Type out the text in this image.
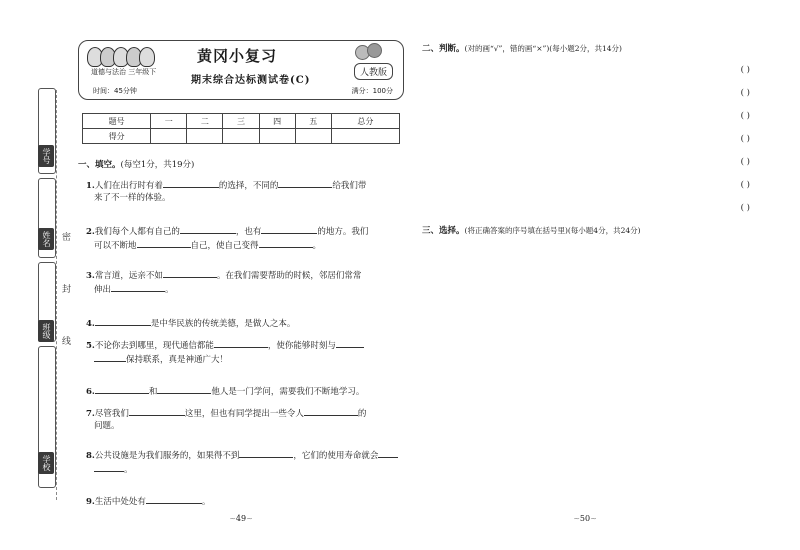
学号
姓名
班级
学校
密
封
线
黄冈小复习
道德与法治 三年级下
期末综合达标测试卷(C)
人教版
时间：45分钟	满分：100分
题号	一	二	三	四	五	总分
得分						
一、填空。(每空1分，共19分)
1.人们在出行时有着	的选择，不同的	给我们带
来了不一样的体验。
2.我们每个人都有自己的	，也有	的地方。我们
可以不断地	自己，使自己变得	。
3.常言道，远亲不如	。在我们需要帮助的时候，邻居们常常
伸出	。
4.	是中华民族的传统美德，是做人之本。
5.不论你去到哪里，现代通信都能	，使你能够时刻与
保持联系，真是神通广大！
6.	和	他人是一门学问，需要我们不断地学习。
7.尽管我们	这里，但也有同学提出一些令人	的
问题。
8.公共设施是为我们服务的，如果得不到	，它们的使用寿命就会
。
9.生活中处处有	。
~ 49 ~
二、判断。(对的画“√”，错的画“×”)(每小题2分，共14分)
( )
( )
( )
( )
( )
( )
( )
三、选择。(将正确答案的序号填在括号里)(每小题4分，共24分)
~ 50 ~
